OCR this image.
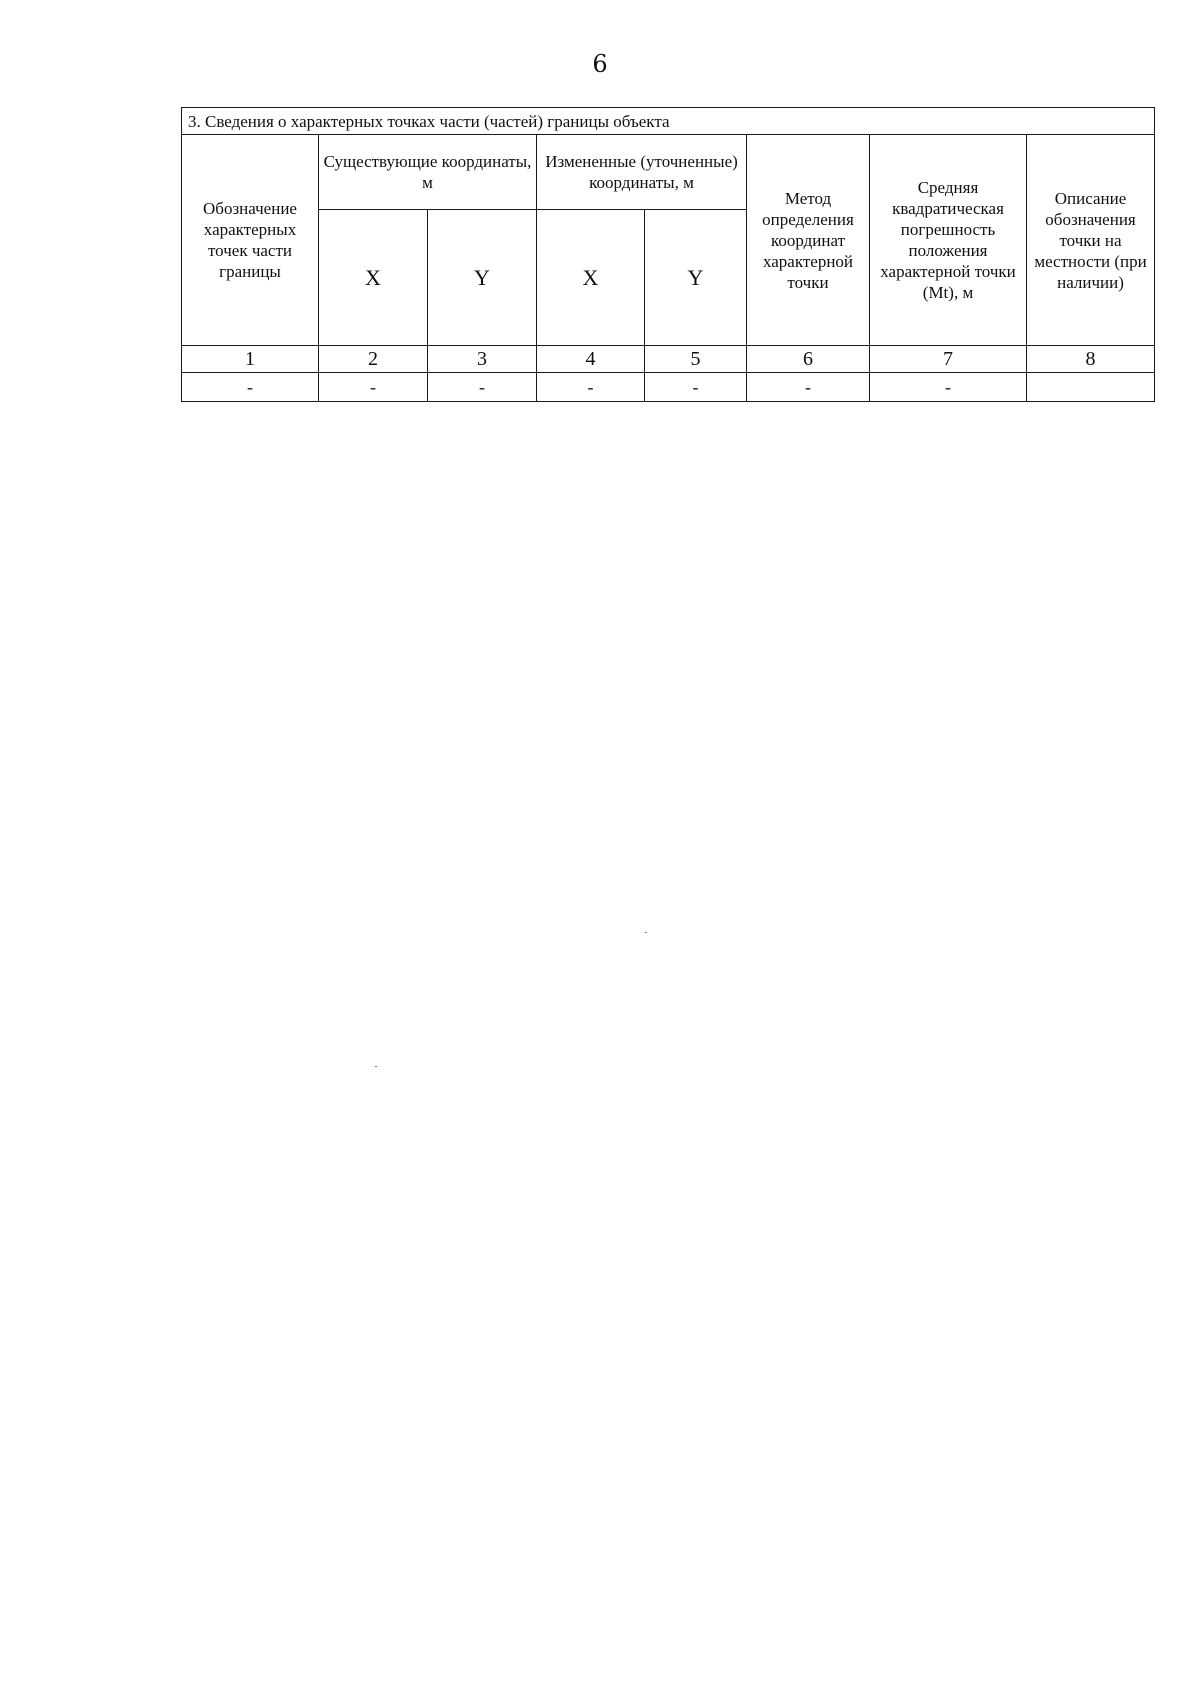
6
3. Сведения о характерных точках части (частей) границы объекта							
Обозначение характерных точек части границы	Существующие координаты, м		Измененные (уточненные) координаты, м		Метод определения координат характерной точки	Средняя квадратическая погрешность положения характерной точки (Mt), м	Описание обозначения точки на местности (при наличии)
	X	Y	X	Y			
1	2	3	4	5	6	7	8
-	-	-	-	-	-	-	
